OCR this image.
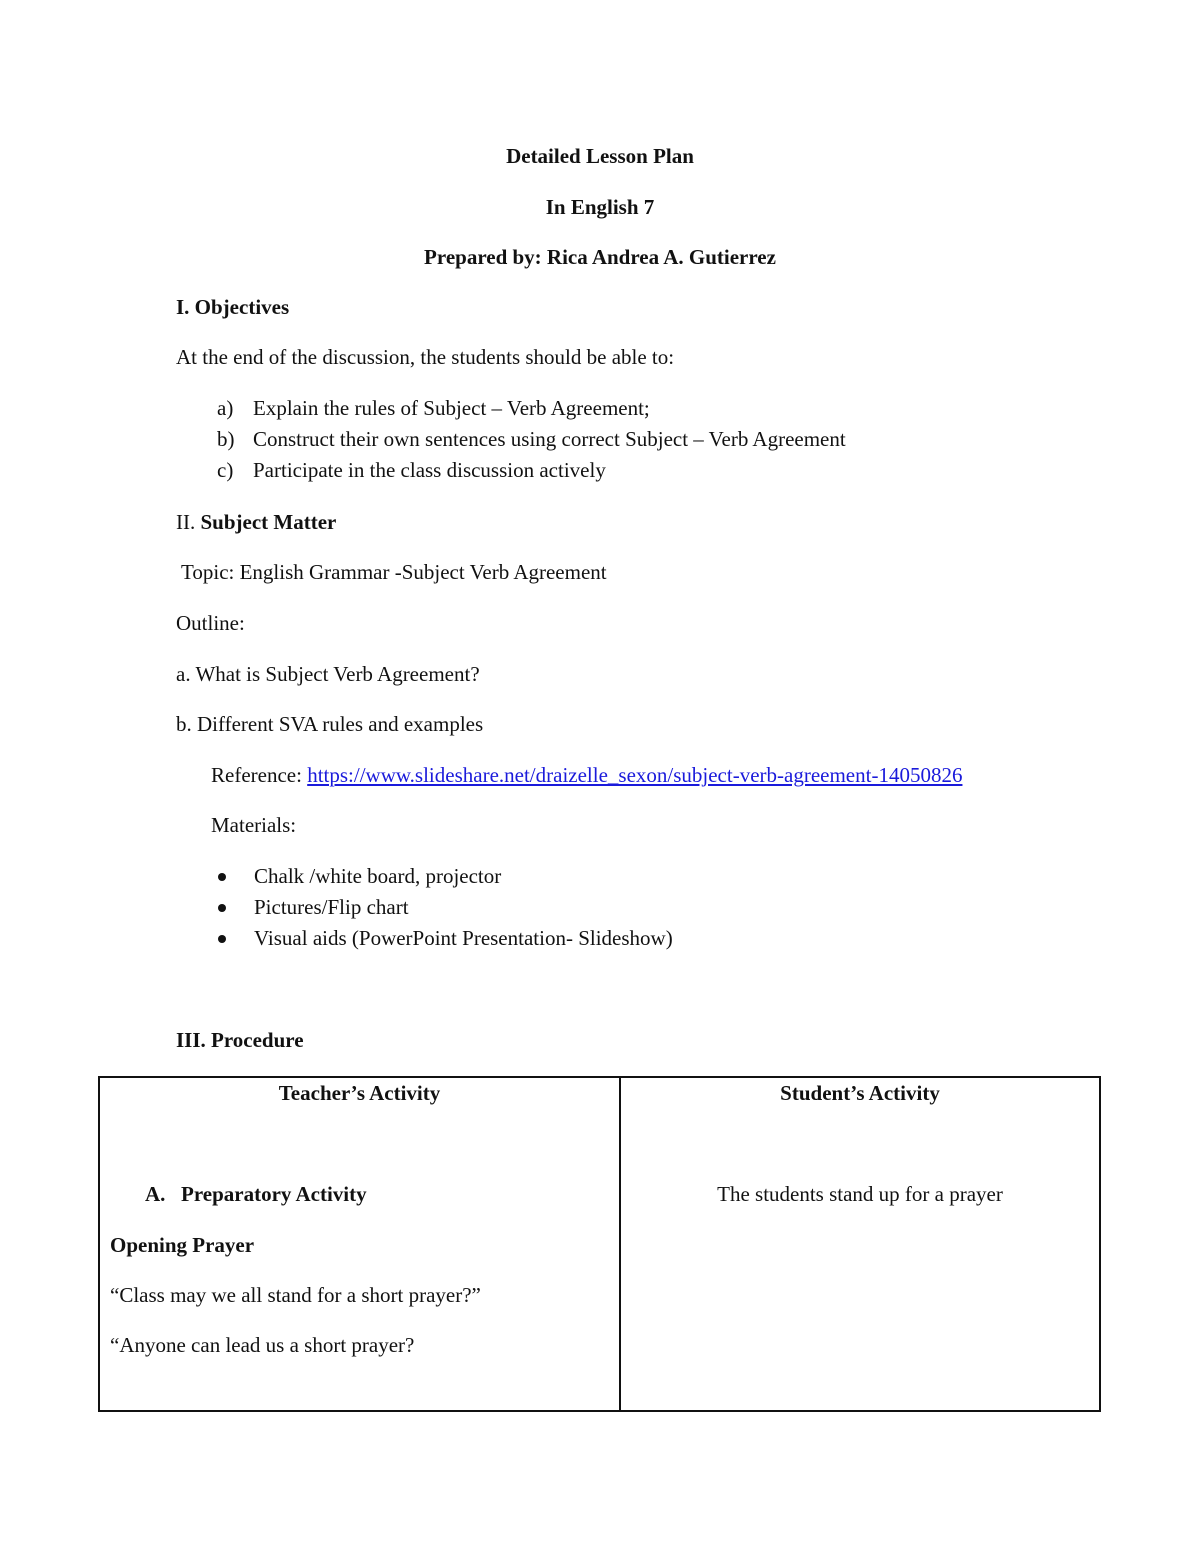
Detailed Lesson Plan
In English 7
Prepared by: Rica Andrea A. Gutierrez
I. Objectives
At the end of the discussion, the students should be able to:
a) Explain the rules of Subject – Verb Agreement;
b) Construct their own sentences using correct Subject – Verb Agreement
c) Participate in the class discussion actively
II. Subject Matter
Topic: English Grammar -Subject Verb Agreement
Outline:
a. What is Subject Verb Agreement?
b. Different SVA rules and examples
Reference: https://www.slideshare.net/draizelle_sexon/subject-verb-agreement-14050826
Materials:
Chalk /white board, projector
Pictures/Flip chart
Visual aids (PowerPoint Presentation- Slideshow)
III. Procedure
Teacher’s Activity	Student’s Activity
A. Preparatory Activity
Opening Prayer
“Class may we all stand for a short prayer?”
“Anyone can lead us a short prayer?
The students stand up for a prayer
